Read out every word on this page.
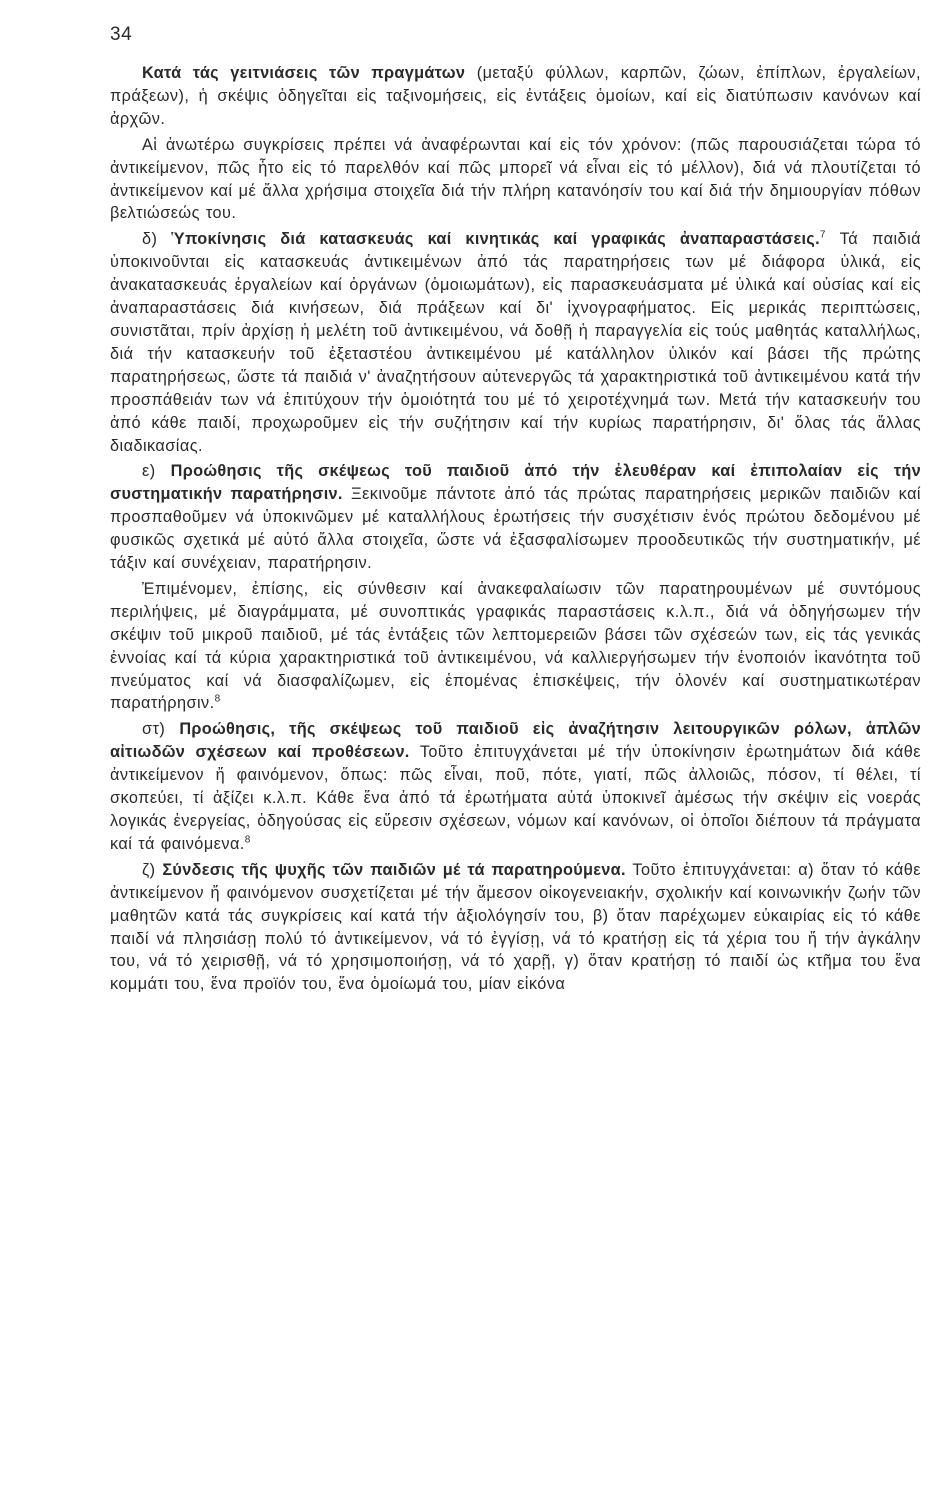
34

Κατά τάς γειτνιάσεις τῶν πραγμάτων (μεταξύ φύλλων, καρπῶν, ζώων, ἐπίπλων, ἐργαλείων, πράξεων), ἡ σκέψις ὁδηγεῖται εἰς ταξινομήσεις, εἰς ἐντάξεις ὁμοίων, καί εἰς διατύπωσιν κανόνων καί ἀρχῶν.

Αἱ ἀνωτέρω συγκρίσεις πρέπει νά ἀναφέρωνται καί εἰς τόν χρόνον: (πῶς παρουσιάζεται τώρα τό ἀντικείμενον, πῶς ἦτο εἰς τό παρελθόν καί πῶς μπορεῖ νά εἶναι εἰς τό μέλλον), διά νά πλουτίζεται τό ἀντικείμενον καί μέ ἄλλα χρήσιμα στοιχεῖα διά τήν πλήρη κατανόησίν του καί διά τήν δημιουργίαν πόθων βελτιώσεώς του.

δ) Ὑποκίνησις διά κατασκευάς καί κινητικάς καί γραφικάς ἀναπαραστάσεις.$^7$ Τά παιδιά ὑποκινοῦνται εἰς κατασκευάς ἀντικειμένων ἀπό τάς παρατηρήσεις των μέ διάφορα ὑλικά, εἰς ἀνακατασκευάς ἐργαλείων καί ὀργάνων (ὁμοιωμάτων), εἰς παρασκευάσματα μέ ὑλικά καί οὐσίας καί εἰς ἀναπαραστάσεις διά κινήσεων, διά πράξεων καί δι' ἰχνογραφήματος. Εἰς μερικάς περιπτώσεις, συνιστᾶται, πρίν ἀρχίσῃ ἡ μελέτη τοῦ ἀντικειμένου, νά δοθῇ ἡ παραγγελία εἰς τούς μαθητάς καταλλήλως, διά τήν κατασκευήν τοῦ ἐξεταστέου ἀντικειμένου μέ κατάλληλον ὑλικόν καί βάσει τῆς πρώτης παρατηρήσεως, ὥστε τά παιδιά ν' ἀναζητήσουν αὐτενεργῶς τά χαρακτηριστικά τοῦ ἀντικειμένου κατά τήν προσπάθειάν των νά ἐπιτύχουν τήν ὁμοιότητά του μέ τό χειροτέχνημά των. Μετά τήν κατασκευήν του ἀπό κάθε παιδί, προχωροῦμεν εἰς τήν συζήτησιν καί τήν κυρίως παρατήρησιν, δι' ὅλας τάς ἄλλας διαδικασίας.

ε) Προώθησις τῆς σκέψεως τοῦ παιδιοῦ ἀπό τήν ἐλευθέραν καί ἐπιπολαίαν εἰς τήν συστηματικήν παρατήρησιν. Ξεκινοῦμε πάντοτε ἀπό τάς πρώτας παρατηρήσεις μερικῶν παιδιῶν καί προσπαθοῦμεν νά ὑποκινῶμεν μέ καταλλήλους ἐρωτήσεις τήν συσχέτισιν ἑνός πρώτου δεδομένου μέ φυσικῶς σχετικά μέ αὐτό ἄλλα στοιχεῖα, ὥστε νά ἐξασφαλίσωμεν προοδευτικῶς τήν συστηματικήν, μέ τάξιν καί συνέχειαν, παρατήρησιν.

Ἐπιμένομεν, ἐπίσης, εἰς σύνθεσιν καί ἀνακεφαλαίωσιν τῶν παρατηρουμένων μέ συντόμους περιλήψεις, μέ διαγράμματα, μέ συνοπτικάς γραφικάς παραστάσεις κ.λ.π., διά νά ὁδηγήσωμεν τήν σκέψιν τοῦ μικροῦ παιδιοῦ, μέ τάς ἐντάξεις τῶν λεπτομερειῶν βάσει τῶν σχέσεών των, εἰς τάς γενικάς ἐννοίας καί τά κύρια χαρακτηριστικά τοῦ ἀντικειμένου, νά καλλιεργήσωμεν τήν ἑνοποιόν ἱκανότητα τοῦ πνεύματος καί νά διασφαλίζωμεν, εἰς ἑπομένας ἐπισκέψεις, τήν ὁλονέν καί συστηματικωτέραν παρατήρησιν.$^8$

στ) Προώθησις, τῆς σκέψεως τοῦ παιδιοῦ εἰς ἀναζήτησιν λειτουργικῶν ρόλων, ἁπλῶν αἰτιωδῶν σχέσεων καί προθέσεων. Τοῦτο ἐπιτυγχάνεται μέ τήν ὑποκίνησιν ἐρωτημάτων διά κάθε ἀντικείμενον ἤ φαινόμενον, ὅπως: πῶς εἶναι, ποῦ, πότε, γιατί, πῶς ἀλλοιῶς, πόσον, τί θέλει, τί σκοπεύει, τί ἀξίζει κ.λ.π. Κάθε ἕνα ἀπό τά ἐρωτήματα αὐτά ὑποκινεῖ ἀμέσως τήν σκέψιν εἰς νοεράς λογικάς ἐνεργείας, ὁδηγούσας εἰς εὕρεσιν σχέσεων, νόμων καί κανόνων, οἱ ὁποῖοι διέπουν τά πράγματα καί τά φαινόμενα.$^8$

ζ) Σύνδεσις τῆς ψυχῆς τῶν παιδιῶν μέ τά παρατηρούμενα. Τοῦτο ἐπιτυγχάνεται: α) ὅταν τό κάθε ἀντικείμενον ἤ φαινόμενον συσχετίζεται μέ τήν ἄμεσον οἰκογενειακήν, σχολικήν καί κοινωνικήν ζωήν τῶν μαθητῶν κατά τάς συγκρίσεις καί κατά τήν ἀξιολόγησίν του, β) ὅταν παρέχωμεν εὐκαιρίας εἰς τό κάθε παιδί νά πλησιάσῃ πολύ τό ἀντικείμενον, νά τό ἐγγίσῃ, νά τό κρατήσῃ εἰς τά χέρια του ἤ τήν ἀγκάλην του, νά τό χειρισθῇ, νά τό χρησιμοποιήσῃ, νά τό χαρῇ, γ) ὅταν κρατήσῃ τό παιδί ὡς κτῆμα του ἕνα κομμάτι του, ἕνα προϊόν του, ἕνα ὁμοίωμά του, μίαν εἰκόνα
